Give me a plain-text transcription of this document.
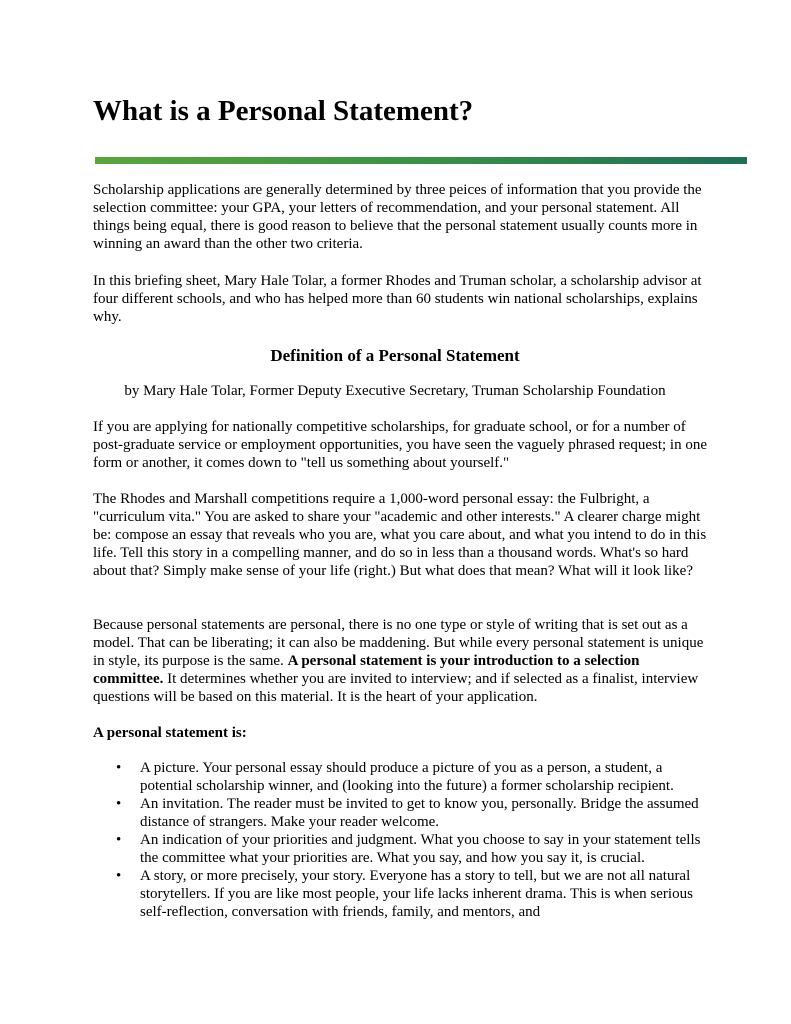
What is a Personal Statement?

Scholarship applications are generally determined by three peices of information that you provide the selection committee: your GPA, your letters of recommendation, and your personal statement. All things being equal, there is good reason to believe that the personal statement usually counts more in winning an award than the other two criteria.

In this briefing sheet, Mary Hale Tolar, a former Rhodes and Truman scholar, a scholarship advisor at four different schools, and who has helped more than 60 students win national scholarships, explains why.

Definition of a Personal Statement

by Mary Hale Tolar, Former Deputy Executive Secretary, Truman Scholarship Foundation

If you are applying for nationally competitive scholarships, for graduate school, or for a number of post-graduate service or employment opportunities, you have seen the vaguely phrased request; in one form or another, it comes down to "tell us something about yourself."

The Rhodes and Marshall competitions require a 1,000-word personal essay: the Fulbright, a "curriculum vita." You are asked to share your "academic and other interests." A clearer charge might be: compose an essay that reveals who you are, what you care about, and what you intend to do in this life. Tell this story in a compelling manner, and do so in less than a thousand words. What's so hard about that? Simply make sense of your life (right.) But what does that mean? What will it look like?

Because personal statements are personal, there is no one type or style of writing that is set out as a model. That can be liberating; it can also be maddening. But while every personal statement is unique in style, its purpose is the same. A personal statement is your introduction to a selection committee. It determines whether you are invited to interview; and if selected as a finalist, interview questions will be based on this material. It is the heart of your application.

A personal statement is:

• A picture. Your personal essay should produce a picture of you as a person, a student, a potential scholarship winner, and (looking into the future) a former scholarship recipient.
• An invitation. The reader must be invited to get to know you, personally. Bridge the assumed distance of strangers. Make your reader welcome.
• An indication of your priorities and judgment. What you choose to say in your statement tells the committee what your priorities are. What you say, and how you say it, is crucial.
• A story, or more precisely, your story. Everyone has a story to tell, but we are not all natural storytellers. If you are like most people, your life lacks inherent drama. This is when serious self-reflection, conversation with friends, family, and mentors, and
